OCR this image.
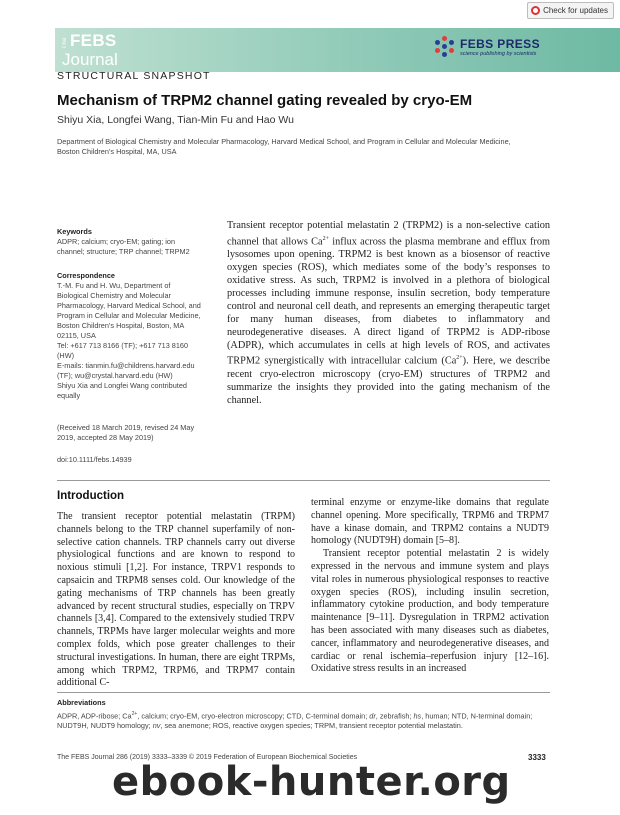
Check for updates
The FEBS
Journal
FEBS PRESS
science publishing by scientists
STRUCTURAL SNAPSHOT
Mechanism of TRPM2 channel gating revealed by cryo-EM
Shiyu Xia, Longfei Wang, Tian-Min Fu and Hao Wu
Department of Biological Chemistry and Molecular Pharmacology, Harvard Medical School, and Program in Cellular and Molecular Medicine,
Boston Children’s Hospital, MA, USA
Keywords
ADPR; calcium; cryo-EM; gating; ion
channel; structure; TRP channel; TRPM2
Correspondence
T.-M. Fu and H. Wu, Department of
Biological Chemistry and Molecular
Pharmacology, Harvard Medical School, and
Program in Cellular and Molecular Medicine,
Boston Children’s Hospital, Boston, MA
02115, USA
Tel: +617 713 8166 (TF); +617 713 8160
(HW)
E-mails: tianmin.fu@childrens.harvard.edu
(TF); wu@crystal.harvard.edu (HW)
Shiyu Xia and Longfei Wang contributed
equally
(Received 18 March 2019, revised 24 May
2019, accepted 28 May 2019)
doi:10.1111/febs.14939
Transient receptor potential melastatin 2 (TRPM2) is a non-selective cation channel that allows $Ca^{2+}$ influx across the plasma membrane and efflux from lysosomes upon opening. TRPM2 is best known as a biosensor of reactive oxygen species (ROS), which mediates some of the body’s responses to oxidative stress. As such, TRPM2 is involved in a plethora of biological processes including immune response, insulin secretion, body temperature control and neuronal cell death, and represents an emerging therapeutic target for many human diseases, from diabetes to inflammatory and neurodegenerative diseases. A direct ligand of TRPM2 is ADP-ribose (ADPR), which accumulates in cells at high levels of ROS, and activates TRPM2 synergistically with intracellular calcium $(Ca^{2+})$. Here, we describe recent cryo-electron microscopy (cryo-EM) structures of TRPM2 and summarize the insights they provided into the gating mechanism of the channel.
Introduction
The transient receptor potential melastatin (TRPM) channels belong to the TRP channel superfamily of non-selective cation channels. TRP channels carry out diverse physiological functions and are known to respond to noxious stimuli [1,2]. For instance, TRPV1 responds to capsaicin and TRPM8 senses cold. Our knowledge of the gating mechanisms of TRP channels has been greatly advanced by recent structural studies, especially on TRPV channels [3,4]. Compared to the extensively studied TRPV channels, TRPMs have larger molecular weights and more complex folds, which pose greater challenges to their structural investigations. In human, there are eight TRPMs, among which TRPM2, TRPM6, and TRPM7 contain additional C-
terminal enzyme or enzyme-like domains that regulate channel opening. More specifically, TRPM6 and TRPM7 have a kinase domain, and TRPM2 contains a NUDT9 homology (NUDT9H) domain [5–8].
Transient receptor potential melastatin 2 is widely expressed in the nervous and immune system and plays vital roles in numerous physiological responses to reactive oxygen species (ROS), including insulin secretion, inflammatory cytokine production, and body temperature maintenance [9–11]. Dysregulation in TRPM2 activation has been associated with many diseases such as diabetes, cancer, inflammatory and neurodegenerative diseases, and cardiac or renal ischemia–reperfusion injury [12–16]. Oxidative stress results in an increased
Abbreviations
ADPR, ADP-ribose; $Ca^{2+}$, calcium; cryo-EM, cryo-electron microscopy; CTD, C-terminal domain; dr, zebrafish; hs, human; NTD, N-terminal domain; NUDT9H, NUDT9 homology; nv, sea anemone; ROS, reactive oxygen species; TRPM, transient receptor potential melastatin.
The FEBS Journal 286 (2019) 3333–3339 © 2019 Federation of European Biochemical Societies	3333
ebook-hunter.org
